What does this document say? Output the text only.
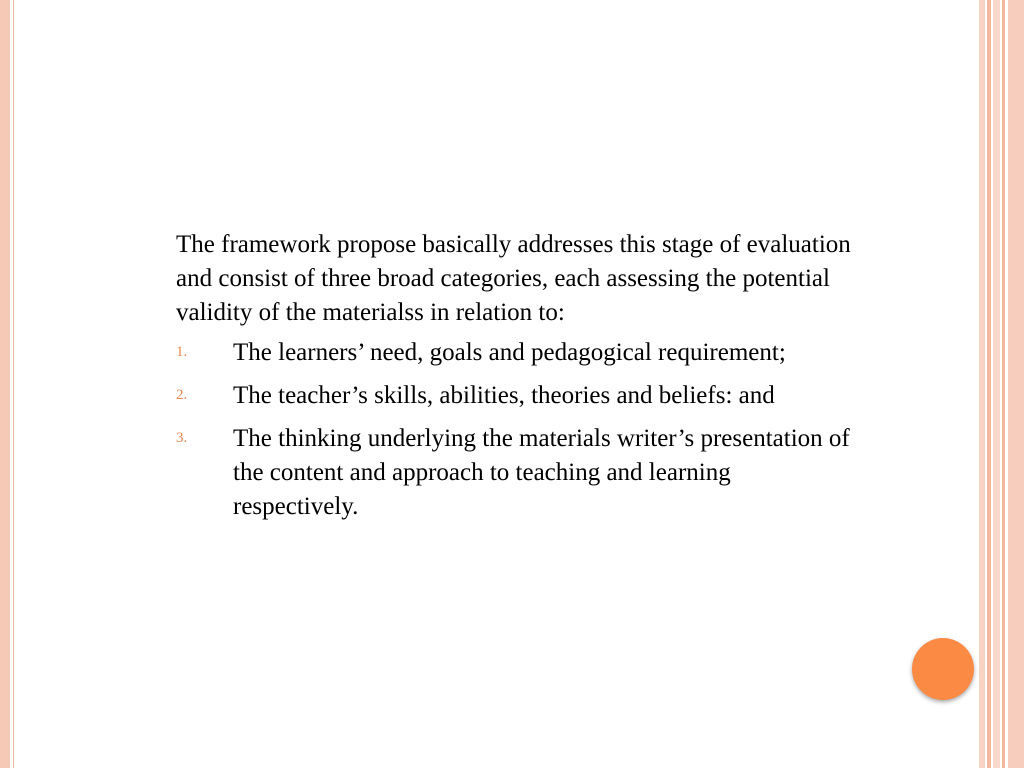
The framework propose basically addresses this stage of evaluation and consist of three broad categories, each assessing the potential validity of the materialss in relation to:

1. The learners’ need, goals and pedagogical requirement;
2. The teacher’s skills, abilities, theories and beliefs: and
3. The thinking underlying the materials writer’s presentation of the content and approach to teaching and learning respectively.
